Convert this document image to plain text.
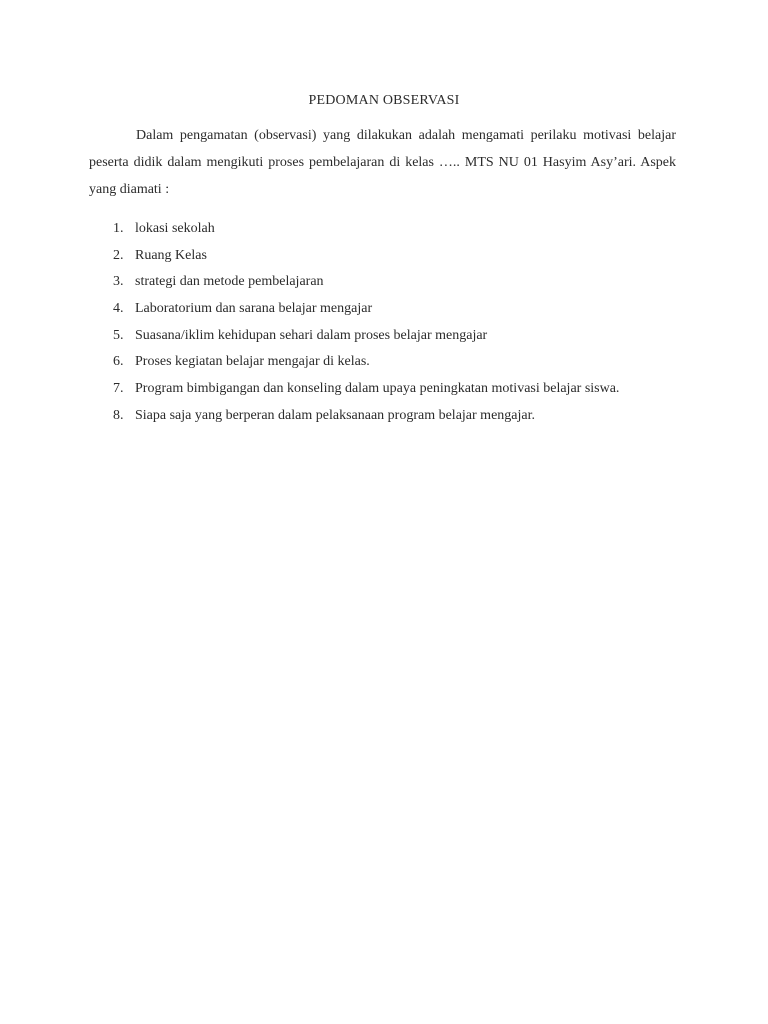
PEDOMAN OBSERVASI

Dalam pengamatan (observasi) yang dilakukan adalah mengamati perilaku motivasi belajar peserta didik dalam mengikuti proses pembelajaran di kelas ….. MTS NU 01 Hasyim Asy’ari. Aspek yang diamati :

1. lokasi sekolah
2. Ruang Kelas
3. strategi dan metode pembelajaran
4. Laboratorium dan sarana belajar mengajar
5. Suasana/iklim kehidupan sehari dalam proses belajar mengajar
6. Proses kegiatan belajar mengajar di kelas.
7. Program bimbigangan dan konseling dalam upaya peningkatan motivasi belajar siswa.
8. Siapa saja yang berperan dalam pelaksanaan program belajar mengajar.
